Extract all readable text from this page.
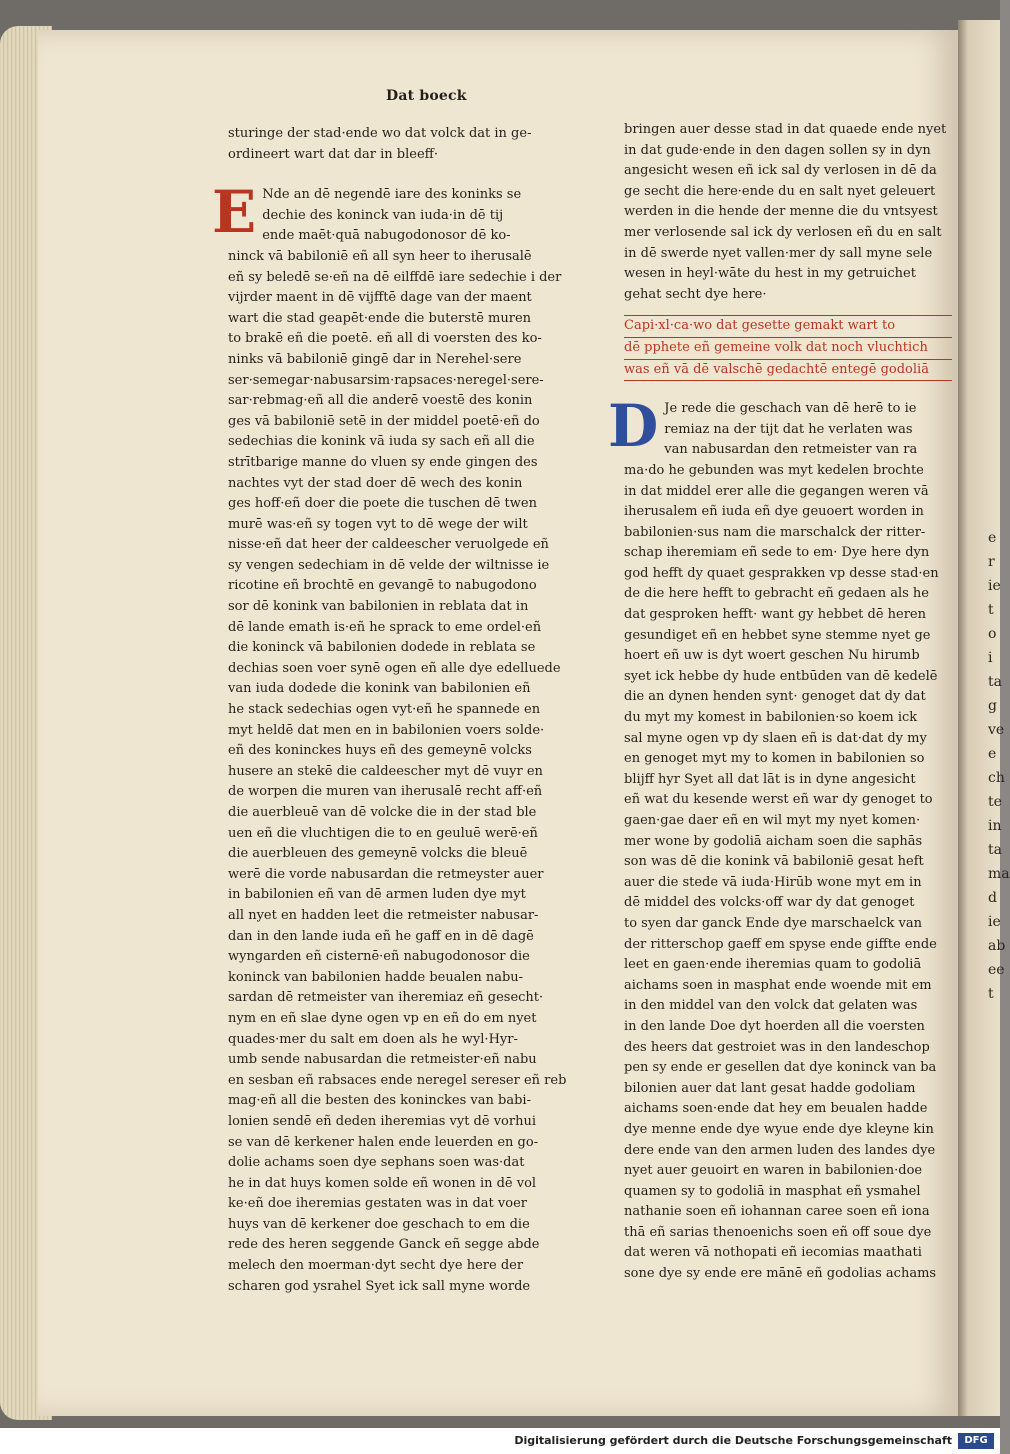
e
r
ie
t
o
i
ta
g
ve
e
ch
te
in
ta
ma
d
ie
ab
ee
t
Dat boeck
sturinge der stad·ende wo dat volck dat in ge-
ordineert wart dat dar in bleeff·
E Nde an dē negendē iare des koninks se
dechie des koninck van iuda·in dē tij
ende maēt·quā nabugodonosor dē ko-
ninck vā babiloniē eñ all syn heer to iherusalē
eñ sy beledē se·eñ na dē eilffdē iare sedechie i der
vijrder maent in dē vijfftē dage van der maent
wart die stad geapēt·ende die buterstē muren
to brakē eñ die poetē. eñ all di voersten des ko-
ninks vā babiloniē gingē dar in Nerehel·sere
ser·semegar·nabusarsim·rapsaces·neregel·sere-
sar·rebmag·eñ all die anderē voestē des konin
ges vā babiloniē setē in der middel poetē·eñ do
sedechias die konink vā iuda sy sach eñ all die
strītbarige manne do vluen sy ende gingen des
nachtes vyt der stad doer dē wech des konin
ges hoff·eñ doer die poete die tuschen dē twen
murē was·eñ sy togen vyt to dē wege der wilt
nisse·eñ dat heer der caldeescher veruolgede eñ
sy vengen sedechiam in dē velde der wiltnisse ie
ricotine eñ brochtē en gevangē to nabugodono
sor dē konink van babilonien in reblata dat in
dē lande emath is·eñ he sprack to eme ordel·eñ
die koninck vā babilonien dodede in reblata se
dechias soen voer synē ogen eñ alle dye edelluede
van iuda dodede die konink van babilonien eñ
he stack sedechias ogen vyt·eñ he spannede en
myt heldē dat men en in babilonien voers solde·
eñ des koninckes huys eñ des gemeynē volcks
husere an stekē die caldeescher myt dē vuyr en
de worpen die muren van iherusalē recht aff·eñ
die auerbleuē van dē volcke die in der stad ble
uen eñ die vluchtigen die to en geuluē werē·eñ
die auerbleuen des gemeynē volcks die bleuē
werē die vorde nabusardan die retmeyster auer
in babilonien eñ van dē armen luden dye myt
all nyet en hadden leet die retmeister nabusar-
dan in den lande iuda eñ he gaff en in dē dagē
wyngarden eñ cisternē·eñ nabugodonosor die
koninck van babilonien hadde beualen nabu-
sardan dē retmeister van iheremiaz eñ gesecht·
nym en eñ slae dyne ogen vp en eñ do em nyet
quades·mer du salt em doen als he wyl·Hyr-
umb sende nabusardan die retmeister·eñ nabu
en sesban eñ rabsaces ende neregel sereser eñ reb
mag·eñ all die besten des koninckes van babi-
lonien sendē eñ deden iheremias vyt dē vorhui
se van dē kerkener halen ende leuerden en go-
dolie achams soen dye sephans soen was·dat
he in dat huys komen solde eñ wonen in dē vol
ke·eñ doe iheremias gestaten was in dat voer
huys van dē kerkener doe geschach to em die
rede des heren seggende Ganck eñ segge abde
melech den moerman·dyt secht dye here der
scharen god ysrahel Syet ick sall myne worde
bringen auer desse stad in dat quaede ende nyet
in dat gude·ende in den dagen sollen sy in dyn
angesicht wesen eñ ick sal dy verlosen in dē da
ge secht die here·ende du en salt nyet geleuert
werden in die hende der menne die du vntsyest
mer verlosende sal ick dy verlosen eñ du en salt
in dē swerde nyet vallen·mer dy sall myne sele
wesen in heyl·wāte du hest in my getruichet
gehat secht dye here·
Capi·xl·ca·wo dat gesette gemakt wart to
dē pphete eñ gemeine volk dat noch vluchtich
was eñ vā dē valschē gedachtē entegē godoliā
D Je rede die geschach van dē herē to ie
remiaz na der tijt dat he verlaten was
van nabusardan den retmeister van ra
ma·do he gebunden was myt kedelen brochte
in dat middel erer alle die gegangen weren vā
iherusalem eñ iuda eñ dye geuoert worden in
babilonien·sus nam die marschalck der ritter-
schap iheremiam eñ sede to em· Dye here dyn
god hefft dy quaet gesprakken vp desse stad·en
de die here hefft to gebracht eñ gedaen als he
dat gesproken hefft· want gy hebbet dē heren
gesundiget eñ en hebbet syne stemme nyet ge
hoert eñ uw is dyt woert geschen Nu hirumb
syet ick hebbe dy hude entbūden van dē kedelē
die an dynen henden synt· genoget dat dy dat
du myt my komest in babilonien·so koem ick
sal myne ogen vp dy slaen eñ is dat·dat dy my
en genoget myt my to komen in babilonien so
blijff hyr Syet all dat lāt is in dyne angesicht
eñ wat du kesende werst eñ war dy genoget to
gaen·gae daer eñ en wil myt my nyet komen·
mer wone by godoliā aicham soen die saphās
son was dē die konink vā babiloniē gesat heft
auer die stede vā iuda·Hirūb wone myt em in
dē middel des volcks·off war dy dat genoget
to syen dar ganck Ende dye marschaelck van
der ritterschop gaeff em spyse ende giffte ende
leet en gaen·ende iheremias quam to godoliā
aichams soen in masphat ende woende mit em
in den middel van den volck dat gelaten was
in den lande Doe dyt hoerden all die voersten
des heers dat gestroiet was in den landeschop
pen sy ende er gesellen dat dye koninck van ba
bilonien auer dat lant gesat hadde godoliam
aichams soen·ende dat hey em beualen hadde
dye menne ende dye wyue ende dye kleyne kin
dere ende van den armen luden des landes dye
nyet auer geuoirt en waren in babilonien·doe
quamen sy to godoliā in masphat eñ ysmahel
nathanie soen eñ iohannan caree soen eñ iona
thā eñ sarias thenoenichs soen eñ off soue dye
dat weren vā nothopati eñ iecomias maathati
sone dye sy ende ere mānē eñ godolias achams
Digitalisierung gefördert durch die Deutsche Forschungsgemeinschaft	DFG
